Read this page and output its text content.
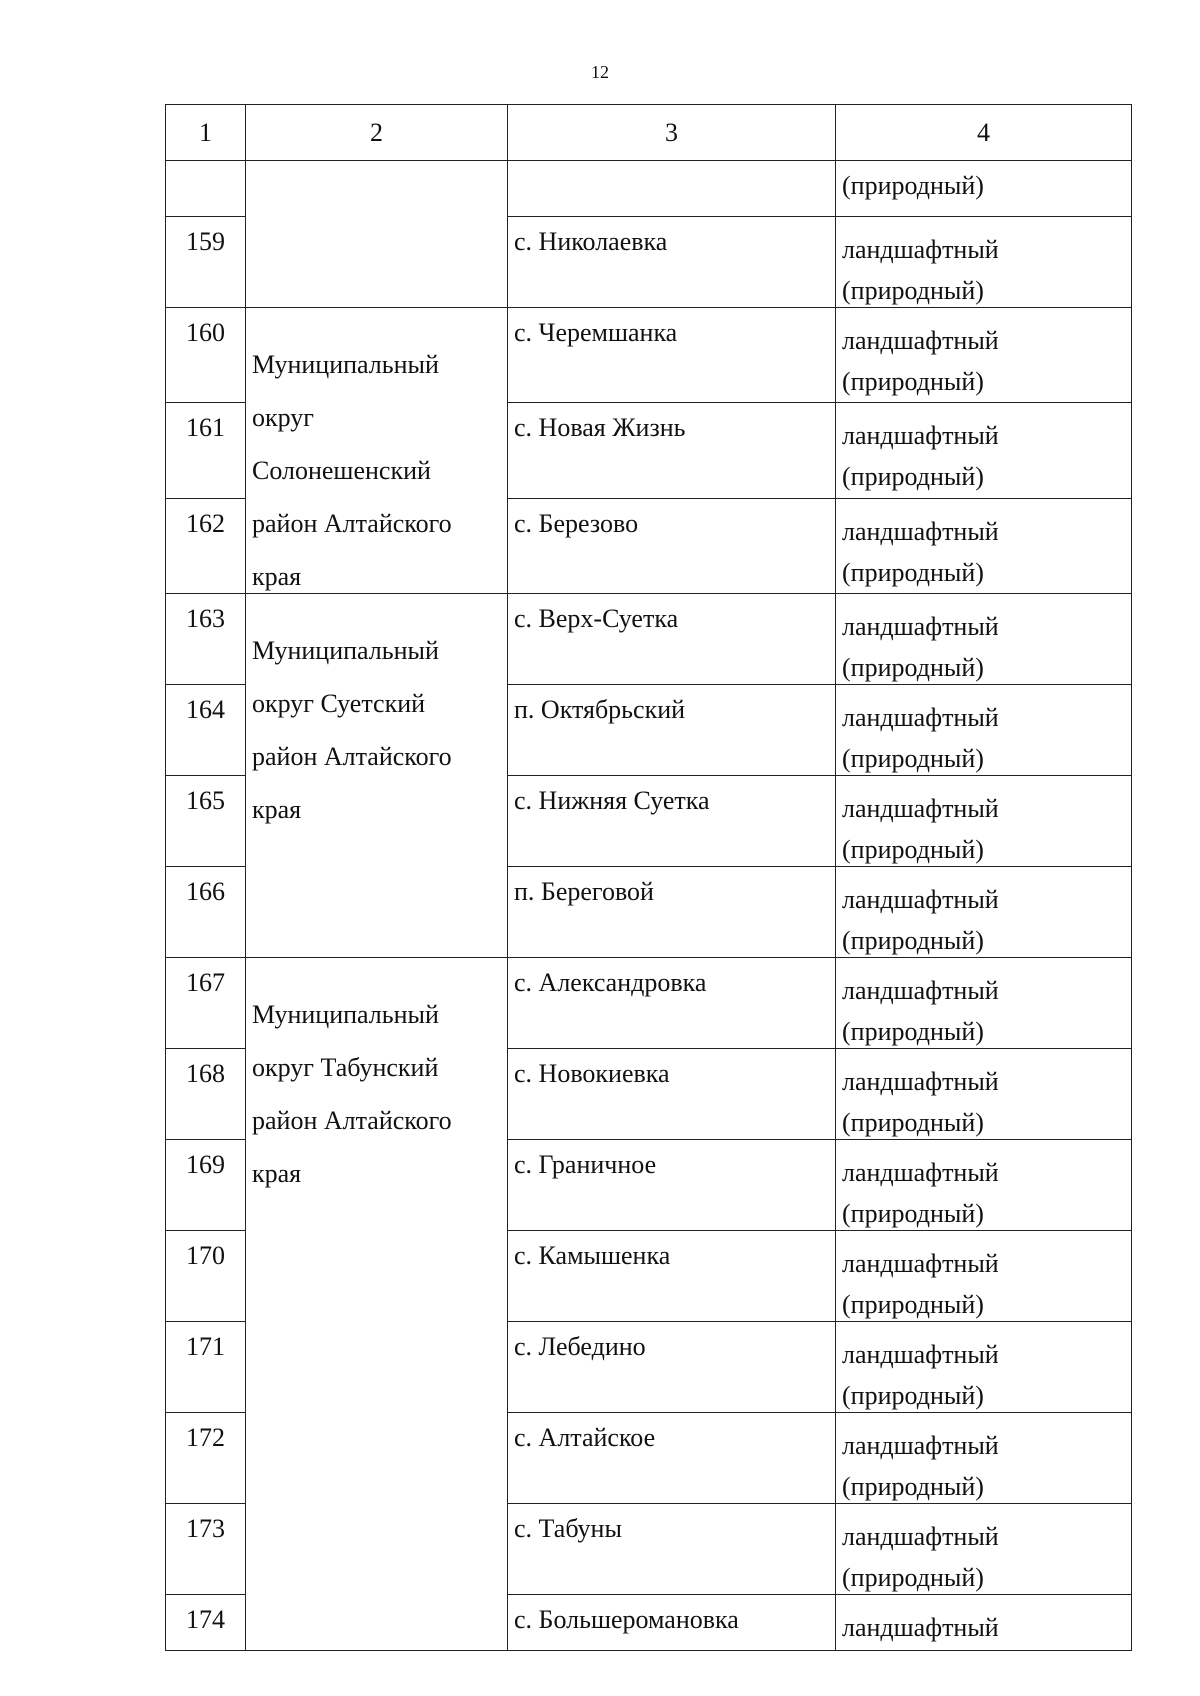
12
1	2	3	4

			(природный)

159		с. Николаевка	ландшафтный
(природный)

160	Муниципальный
округ
Солонешенский
район Алтайского
края	с. Черемшанка	ландшафтный
(природный)

161		с. Новая Жизнь	ландшафтный
(природный)

162		с. Березово	ландшафтный
(природный)

163	Муниципальный
округ Суетский
район Алтайского
края	с. Верх-Суетка	ландшафтный
(природный)

164		п. Октябрьский	ландшафтный
(природный)

165		с. Нижняя Суетка	ландшафтный
(природный)

166		п. Береговой	ландшафтный
(природный)

167	Муниципальный
округ Табунский
район Алтайского
края	с. Александровка	ландшафтный
(природный)

168		с. Новокиевка	ландшафтный
(природный)

169		с. Граничное	ландшафтный
(природный)

170		с. Камышенка	ландшафтный
(природный)

171		с. Лебедино	ландшафтный
(природный)

172		с. Алтайское	ландшафтный
(природный)

173		с. Табуны	ландшафтный
(природный)

174		с. Большеромановка	ландшафтный
